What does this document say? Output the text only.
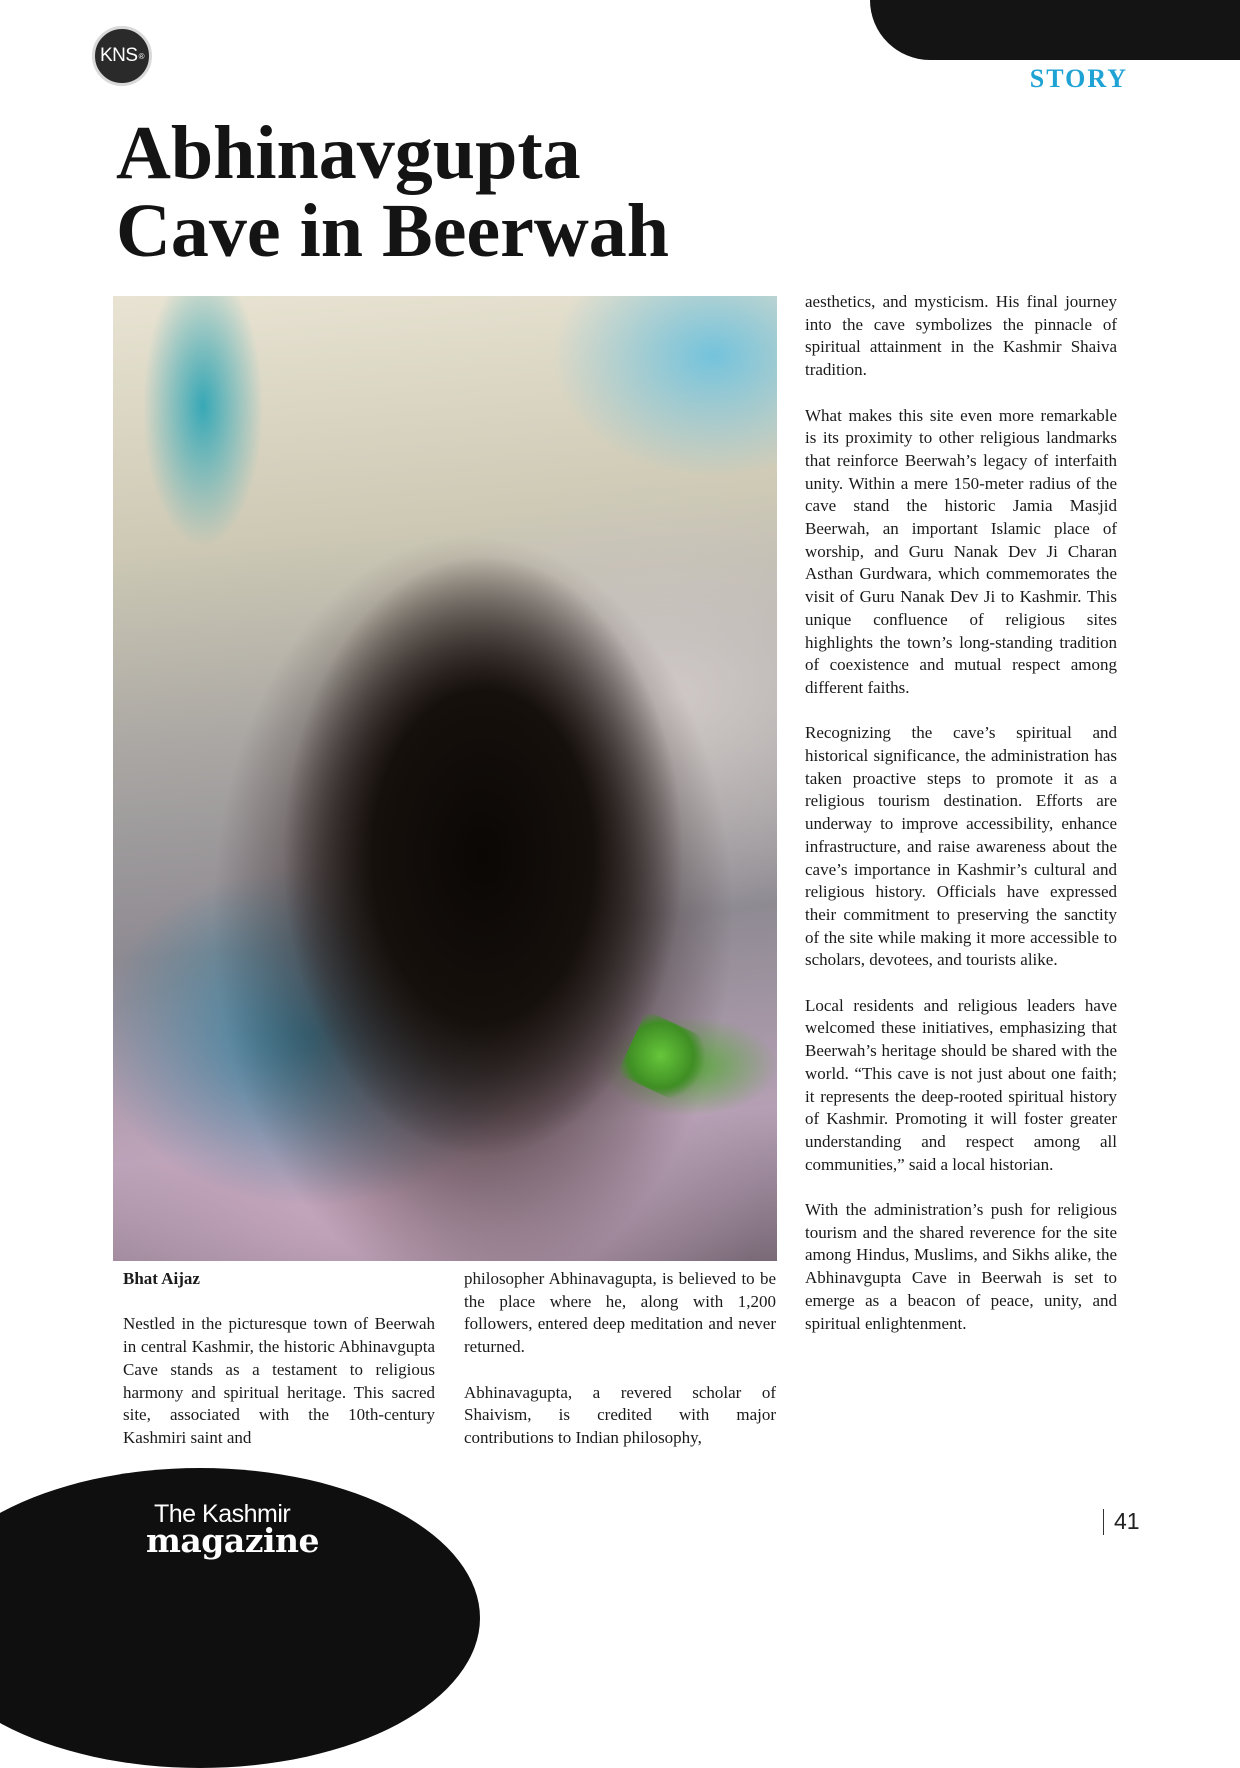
KNS ®
STORY
Abhinavgupta
Cave in Beerwah

Bhat Aijaz

Nestled in the picturesque town of Beerwah in central Kashmir, the historic Abhinavgupta Cave stands as a testament to religious harmony and spiritual heritage. This sacred site, associated with the 10th-century Kashmiri saint and

philosopher Abhinavagupta, is believed to be the place where he, along with 1,200 followers, entered deep meditation and never returned.

Abhinavagupta, a revered scholar of Shaivism, is credited with major contributions to Indian philosophy,

aesthetics, and mysticism. His final journey into the cave symbolizes the pinnacle of spiritual attainment in the Kashmir Shaiva tradition.

What makes this site even more remarkable is its proximity to other religious landmarks that reinforce Beerwah’s legacy of interfaith unity. Within a mere 150-meter radius of the cave stand the historic Jamia Masjid Beerwah, an important Islamic place of worship, and Guru Nanak Dev Ji Charan Asthan Gurdwara, which commemorates the visit of Guru Nanak Dev Ji to Kashmir. This unique confluence of religious sites highlights the town’s long-standing tradition of coexistence and mutual respect among different faiths.

Recognizing the cave’s spiritual and historical significance, the administration has taken proactive steps to promote it as a religious tourism destination. Efforts are underway to improve accessibility, enhance infrastructure, and raise awareness about the cave’s importance in Kashmir’s cultural and religious history. Officials have expressed their commitment to preserving the sanctity of the site while making it more accessible to scholars, devotees, and tourists alike.

Local residents and religious leaders have welcomed these initiatives, emphasizing that Beerwah’s heritage should be shared with the world. “This cave is not just about one faith; it represents the deep-rooted spiritual history of Kashmir. Promoting it will foster greater understanding and respect among all communities,” said a local historian.

With the administration’s push for religious tourism and the shared reverence for the site among Hindus, Muslims, and Sikhs alike, the Abhinavgupta Cave in Beerwah is set to emerge as a beacon of peace, unity, and spiritual enlightenment.

The Kashmir
magazine	41
